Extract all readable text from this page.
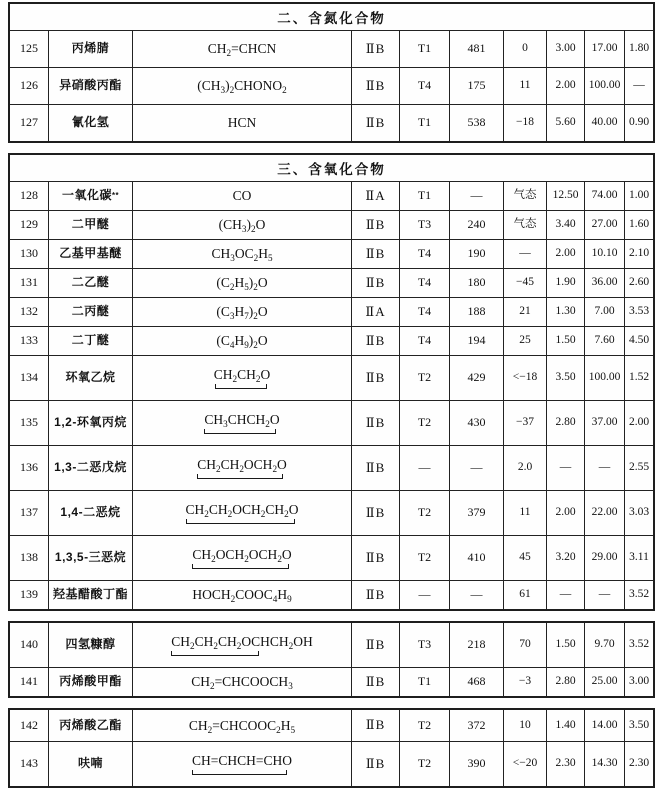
二、含氮化合物
125	丙烯腈	$CH_2=CHCN$	ⅡB	T1	481	0	3.00	17.00	1.80
126	异硝酸丙酯	$(CH_3)_2CHONO_2$	ⅡB	T4	175	11	2.00	100.00	—
127	氰化氢	HCN	ⅡB	T1	538	−18	5.60	40.00	0.90
三、含氧化合物
128	一氧化碳 **	CO	ⅡA	T1	—	气态	12.50	74.00	1.00
129	二甲醚	$(CH_3)_2O$	ⅡB	T3	240	气态	3.40	27.00	1.60
130	乙基甲基醚	$CH_3OC_2H_5$	ⅡB	T4	190	—	2.00	10.10	2.10
131	二乙醚	$(C_2H_5)_2O$	ⅡB	T4	180	−45	1.90	36.00	2.60
132	二丙醚	$(C_3H_7)_2O$	ⅡA	T4	188	21	1.30	7.00	3.53
133	二丁醚	$(C_4H_9)_2O$	ⅡB	T4	194	25	1.50	7.60	4.50
134	环氧乙烷	$CH_2CH_2O$	ⅡB	T2	429	<−18	3.50	100.00 1.52
135	1,2-环氧丙烷	$CH_3CHCH_2O$	ⅡB	T2	430	−37	2.80	37.00	2.00
136	1,3-二恶戊烷	$CH_2CH_2OCH_2O$	ⅡB	—	—	2.0	—	—	2.55
137	1,4-二恶烷	$CH_2CH_2OCH_2CH_2O$	ⅡB	T2	379	11	2.00	22.00	3.03
138	1,3,5-三恶烷	$CH_2OCH_2OCH_2O$	ⅡB	T2	410	45	3.20	29.00	3.11
139	羟基醋酸丁酯	$HOCH_2COOC_4H_9$	ⅡB	—	—	61	—	—	3.52
140	四氢糠醇	$CH_2CH_2CH_2OCHCH_2OH$	ⅡB	T3	218	70	1.50	9.70	3.52
141	丙烯酸甲酯	$CH_2=CHCOOCH_3$	ⅡB	T1	468	−3	2.80	25.00	3.00
142	丙烯酸乙酯	$CH_2=CHCOOC_2H_5$	ⅡB	T2	372	10	1.40	14.00	3.50
143	呋喃	CH=CHCH=CHO	ⅡB	T2	390	<−20	2.30	14.30	2.30
